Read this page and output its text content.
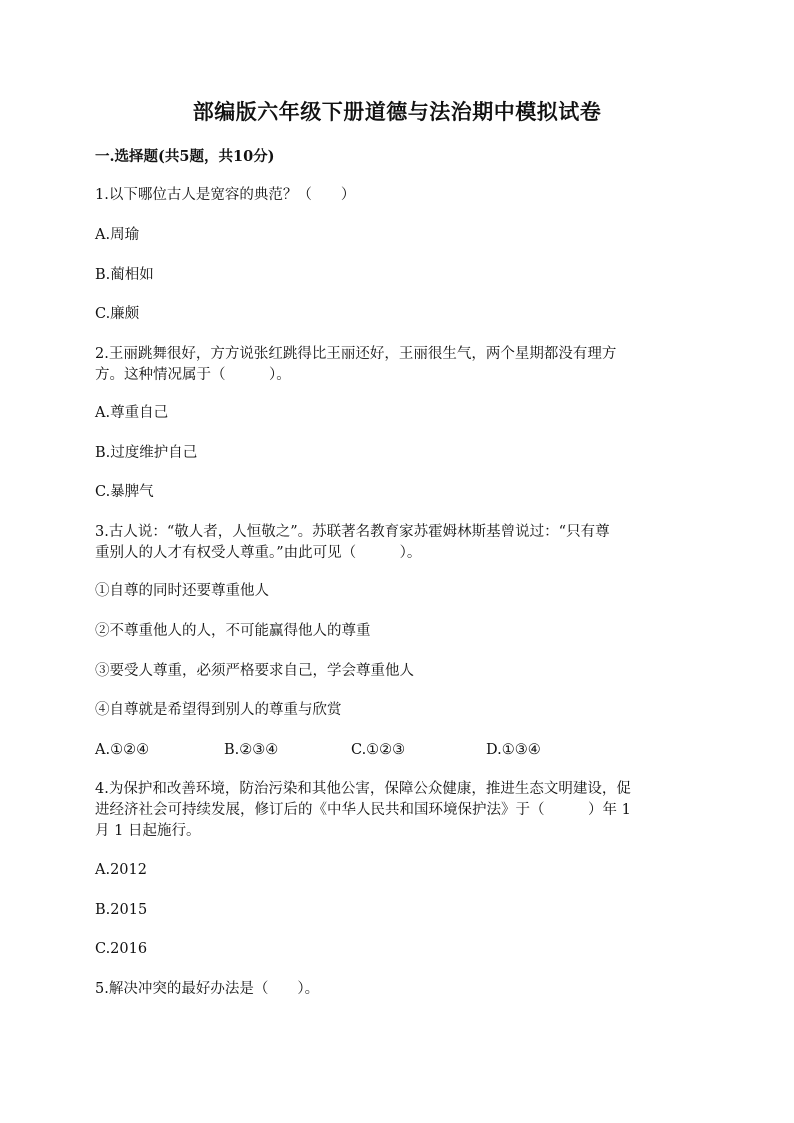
部编版六年级下册道德与法治期中模拟试卷
一.选择题(共5题，共10分)
1.以下哪位古人是宽容的典范？（　　）
A.周瑜
B.蔺相如
C.廉颇
2.王丽跳舞很好，方方说张红跳得比王丽还好，王丽很生气，两个星期都没有理方
方。这种情况属于（　　　）。
A.尊重自己
B.过度维护自己
C.暴脾气
3.古人说：“敬人者，人恒敬之”。苏联著名教育家苏霍姆林斯基曾说过：“只有尊
重别人的人才有权受人尊重。”由此可见（　　　）。
①自尊的同时还要尊重他人
②不尊重他人的人，不可能赢得他人的尊重
③要受人尊重，必须严格要求自己，学会尊重他人
④自尊就是希望得到别人的尊重与欣赏
A.①②④	B.②③④	C.①②③	D.①③④
4.为保护和改善环境，防治污染和其他公害，保障公众健康，推进生态文明建设，促
进经济社会可持续发展，修订后的《中华人民共和国环境保护法》于（　　　）年 1
月 1 日起施行。
A.2012
B.2015
C.2016
5.解决冲突的最好办法是（　　）。
